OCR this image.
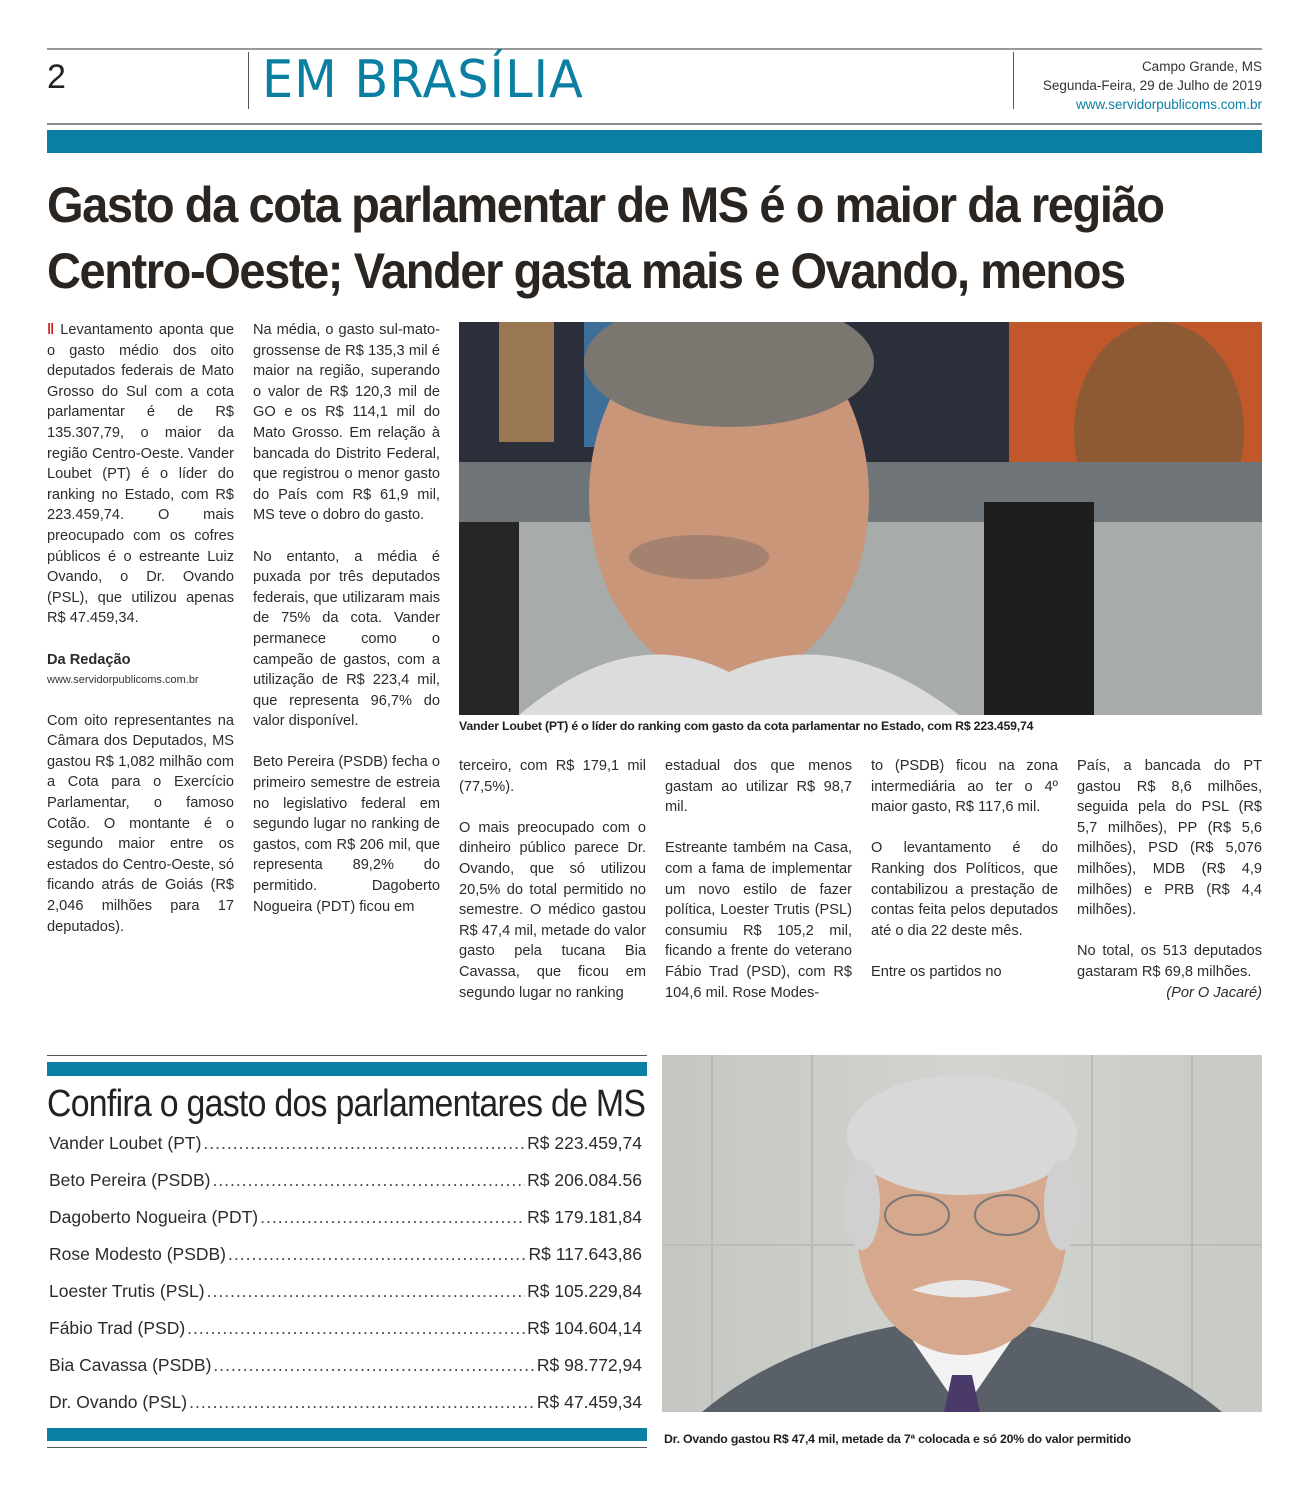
2	EM BRASÍLIA	Campo Grande, MS
Segunda-Feira, 29 de Julho de 2019
www.servidorpublicoms.com.br
Gasto da cota parlamentar de MS é o maior da região Centro-Oeste; Vander gasta mais e Ovando, menos

‖ Levantamento aponta que o gasto médio dos oito deputados federais de Mato Grosso do Sul com a cota parlamentar é de R$ 135.307,79, o maior da região Centro-Oeste. Vander Loubet (PT) é o líder do ranking no Estado, com R$ 223.459,74. O mais preocupado com os cofres públicos é o estreante Luiz Ovando, o Dr. Ovando (PSL), que utilizou apenas R$ 47.459,34.

Da Redação
www.servidorpublicoms.com.br

Com oito representantes na Câmara dos Deputados, MS gastou R$ 1,082 milhão com a Cota para o Exercício Parlamentar, o famoso Cotão. O montante é o segundo maior entre os estados do Centro-Oeste, só ficando atrás de Goiás (R$ 2,046 milhões para 17 deputados).

Na média, o gasto sul-mato-grossense de R$ 135,3 mil é maior na região, superando o valor de R$ 120,3 mil de GO e os R$ 114,1 mil do Mato Grosso. Em relação à bancada do Distrito Federal, que registrou o menor gasto do País com R$ 61,9 mil, MS teve o dobro do gasto.

No entanto, a média é puxada por três deputados federais, que utilizaram mais de 75% da cota. Vander permanece como o campeão de gastos, com a utilização de R$ 223,4 mil, que representa 96,7% do valor disponível.

Beto Pereira (PSDB) fecha o primeiro semestre de estreia no legislativo federal em segundo lugar no ranking de gastos, com R$ 206 mil, que representa 89,2% do permitido. Dagoberto Nogueira (PDT) ficou em

Vander Loubet (PT) é o líder do ranking com gasto da cota parlamentar no Estado, com R$ 223.459,74

terceiro, com R$ 179,1 mil (77,5%).

O mais preocupado com o dinheiro público parece Dr. Ovando, que só utilizou 20,5% do total permitido no semestre. O médico gastou R$ 47,4 mil, metade do valor gasto pela tucana Bia Cavassa, que ficou em segundo lugar no ranking

estadual dos que menos gastam ao utilizar R$ 98,7 mil.

Estreante também na Casa, com a fama de implementar um novo estilo de fazer política, Loester Trutis (PSL) consumiu R$ 105,2 mil, ficando a frente do veterano Fábio Trad (PSD), com R$ 104,6 mil. Rose Modes-

to (PSDB) ficou na zona intermediária ao ter o 4º maior gasto, R$ 117,6 mil.

O levantamento é do Ranking dos Políticos, que contabilizou a prestação de contas feita pelos deputados até o dia 22 deste mês.

Entre os partidos no

País, a bancada do PT gastou R$ 8,6 milhões, seguida pela do PSL (R$ 5,7 milhões), PP (R$ 5,6 milhões), PSD (R$ 5,076 milhões), MDB (R$ 4,9 milhões) e PRB (R$ 4,4 milhões).

No total, os 513 deputados gastaram R$ 69,8 milhões.

(Por O Jacaré)
Confira o gasto dos parlamentares de MS
Vander Loubet (PT) .....	R$ 223.459,74
Beto Pereira (PSDB) .....	R$ 206.084.56
Dagoberto Nogueira (PDT) .....	R$ 179.181,84
Rose Modesto (PSDB) .....	R$ 117.643,86
Loester Trutis (PSL) .....	R$ 105.229,84
Fábio Trad (PSD) .....	R$ 104.604,14
Bia Cavassa (PSDB) .....	R$ 98.772,94
Dr. Ovando (PSL) .....	R$ 47.459,34
Dr. Ovando gastou R$ 47,4 mil, metade da 7ª colocada e só 20% do valor permitido
